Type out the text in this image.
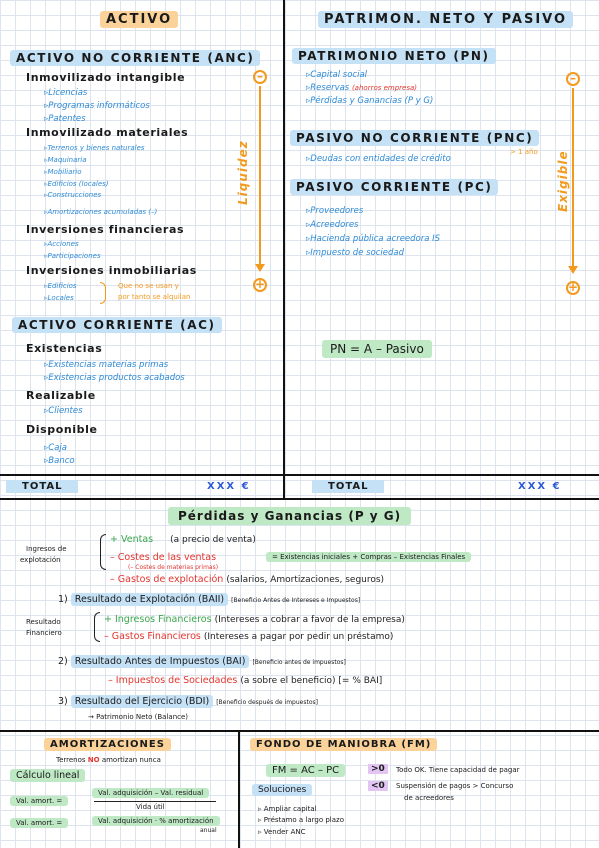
ACTIVO
ACTIVO NO CORRIENTE (ANC)
Inmovilizado intangible
▹Licencias
▹Programas informáticos
▹Patentes
Inmovilizado materiales
▹Terrenos y bienes naturales
▹Maquinaria
▹Mobiliario
▹Edificios (locales)
▹Construcciones
▹Amortizaciones acumuladas (–)
Inversiones financieras
▹Acciones
▹Participaciones
Inversiones inmobiliarias
▹Edificios
▹Locales
Que no se usan y
por tanto se alquilan
–
+
Liquidez
ACTIVO CORRIENTE (AC)
Existencias
▹Existencias materias primas
▹Existencias productos acabados
Realizable
▹Clientes
Disponible
▹Caja
▹Banco
TOTAL	XXX €
PATRIMON. NETO Y PASIVO
PATRIMONIO NETO (PN)
▹Capital social
▹Reservas (ahorros empresa)
▹Pérdidas y Ganancias (P y G)
PASIVO NO CORRIENTE (PNC)
▹Deudas con entidades de crédito
> 1 año
PASIVO CORRIENTE (PC)
▹Proveedores
▹Acreedores
▹Hacienda pública acreedora IS
▹Impuesto de sociedad
–
+
Exigible
PN = A – Pasivo
TOTAL	XXX €
Pérdidas y Ganancias (P y G)
Ingresos de
explotación
+ Ventas (a precio de venta)
– Costes de las ventas
(– Costes de materias primas)
= Existencias iniciales + Compras – Existencias Finales
– Gastos de explotación (salarios, Amortizaciones, seguros)
1) Resultado de Explotación (BAII) [Beneficio Antes de Intereses e Impuestos]
Resultado
Financiero
+ Ingresos Financieros (Intereses a cobrar a favor de la empresa)
– Gastos Financieros (Intereses a pagar por pedir un préstamo)
2) Resultado Antes de Impuestos (BAI) [Beneficio antes de impuestos]
– Impuestos de Sociedades (a sobre el beneficio) [= % BAI]
3) Resultado del Ejercicio (BDI) [Beneficio después de impuestos]
→ Patrimonio Neto (Balance)
AMORTIZACIONES
Terrenos NO amortizan nunca
Cálculo lineal
Val. amort. =
Val. adquisición – Val. residual
Vida útil
Val. amort. =	Val. adquisición · % amortización
anual
FONDO DE MANIOBRA (FM)
FM = AC – PC	>0	Todo OK. Tiene capacidad de pagar
<0	Suspensión de pagos > Concurso
de acreedores
Soluciones
▹ Ampliar capital
▹ Préstamo a largo plazo
▹ Vender ANC
